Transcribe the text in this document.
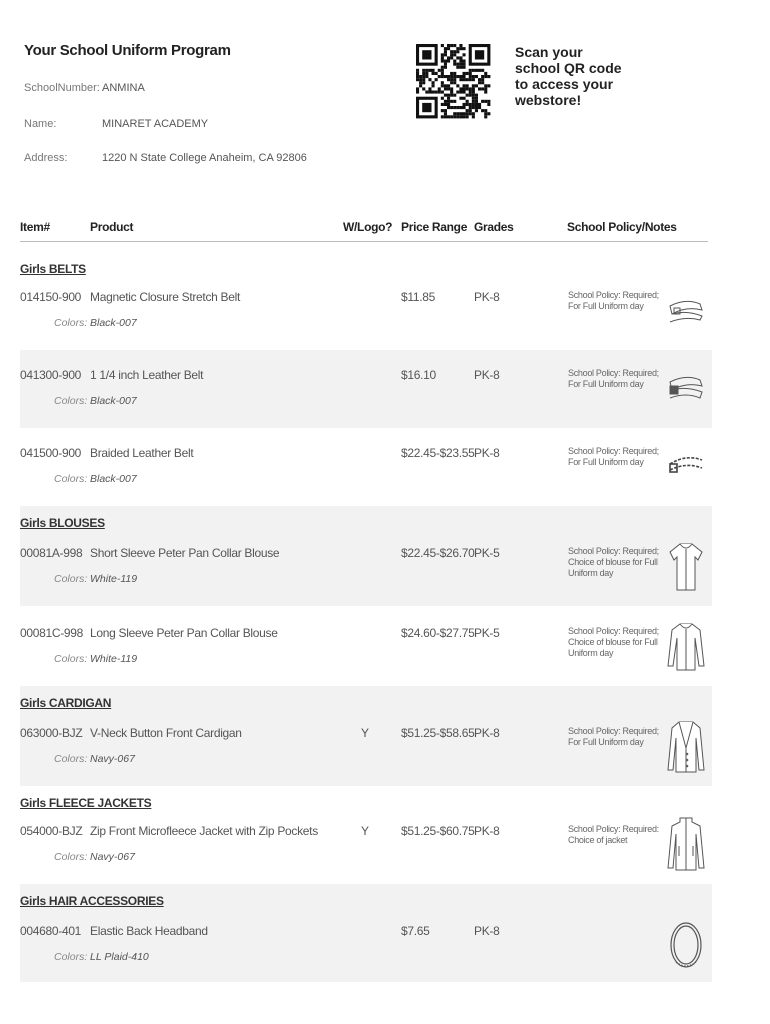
Your School Uniform Program
SchoolNumber: ANMINA
Name:	MINARET ACADEMY
Address:	1220 N State College Anaheim, CA 92806
Scan your school QR code to access your webstore!
Item#	Product	W/Logo? Price Range Grades	School Policy/Notes
Girls BELTS
014150-900 Magnetic Closure Stretch Belt	$11.85	PK-8	School Policy: Required; For Full Uniform day
Colors: Black-007
041300-900 1 1/4 inch Leather Belt	$16.10	PK-8	School Policy: Required; For Full Uniform day
Colors: Black-007
041500-900 Braided Leather Belt	$22.45-$23.55 PK-8	School Policy: Required; For Full Uniform day
Colors: Black-007
Girls BLOUSES
00081A-998 Short Sleeve Peter Pan Collar Blouse	$22.45-$26.70 PK-5	School Policy: Required; Choice of blouse for Full Uniform day
Colors: White-119
00081C-998 Long Sleeve Peter Pan Collar Blouse	$24.60-$27.75 PK-5	School Policy: Required; Choice of blouse for Full Uniform day
Colors: White-119
Girls CARDIGAN
063000-BJZ V-Neck Button Front Cardigan	Y	$51.25-$58.65 PK-8	School Policy: Required; For Full Uniform day
Colors: Navy-067
Girls FLEECE JACKETS
054000-BJZ Zip Front Microfleece Jacket with Zip Pockets	Y	$51.25-$60.75 PK-8	School Policy: Required: Choice of jacket
Colors: Navy-067
Girls HAIR ACCESSORIES
004680-401 Elastic Back Headband	$7.65	PK-8
Colors: LL Plaid-410
